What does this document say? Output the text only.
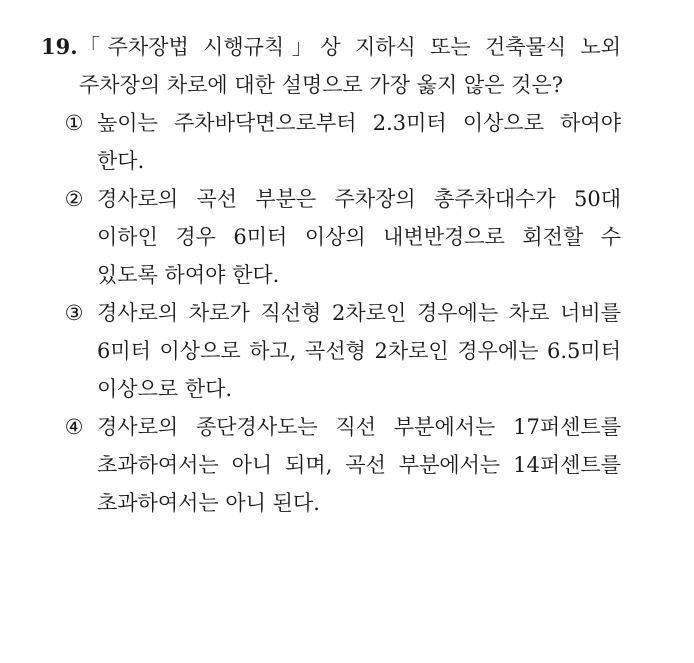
19. 「주차장법 시행규칙」상 지하식 또는 건축물식 노외
주차장의 차로에 대한 설명으로 가장 옳지 않은 것은?
① 높이는 주차바닥면으로부터 2.3미터 이상으로 하여야
한다.
② 경사로의 곡선 부분은 주차장의 총주차대수가 50대
이하인 경우 6미터 이상의 내변반경으로 회전할 수
있도록 하여야 한다.
③ 경사로의 차로가 직선형 2차로인 경우에는 차로 너비를
6미터 이상으로 하고, 곡선형 2차로인 경우에는 6.5미터
이상으로 한다.
④ 경사로의 종단경사도는 직선 부분에서는 17퍼센트를
초과하여서는 아니 되며, 곡선 부분에서는 14퍼센트를
초과하여서는 아니 된다.
